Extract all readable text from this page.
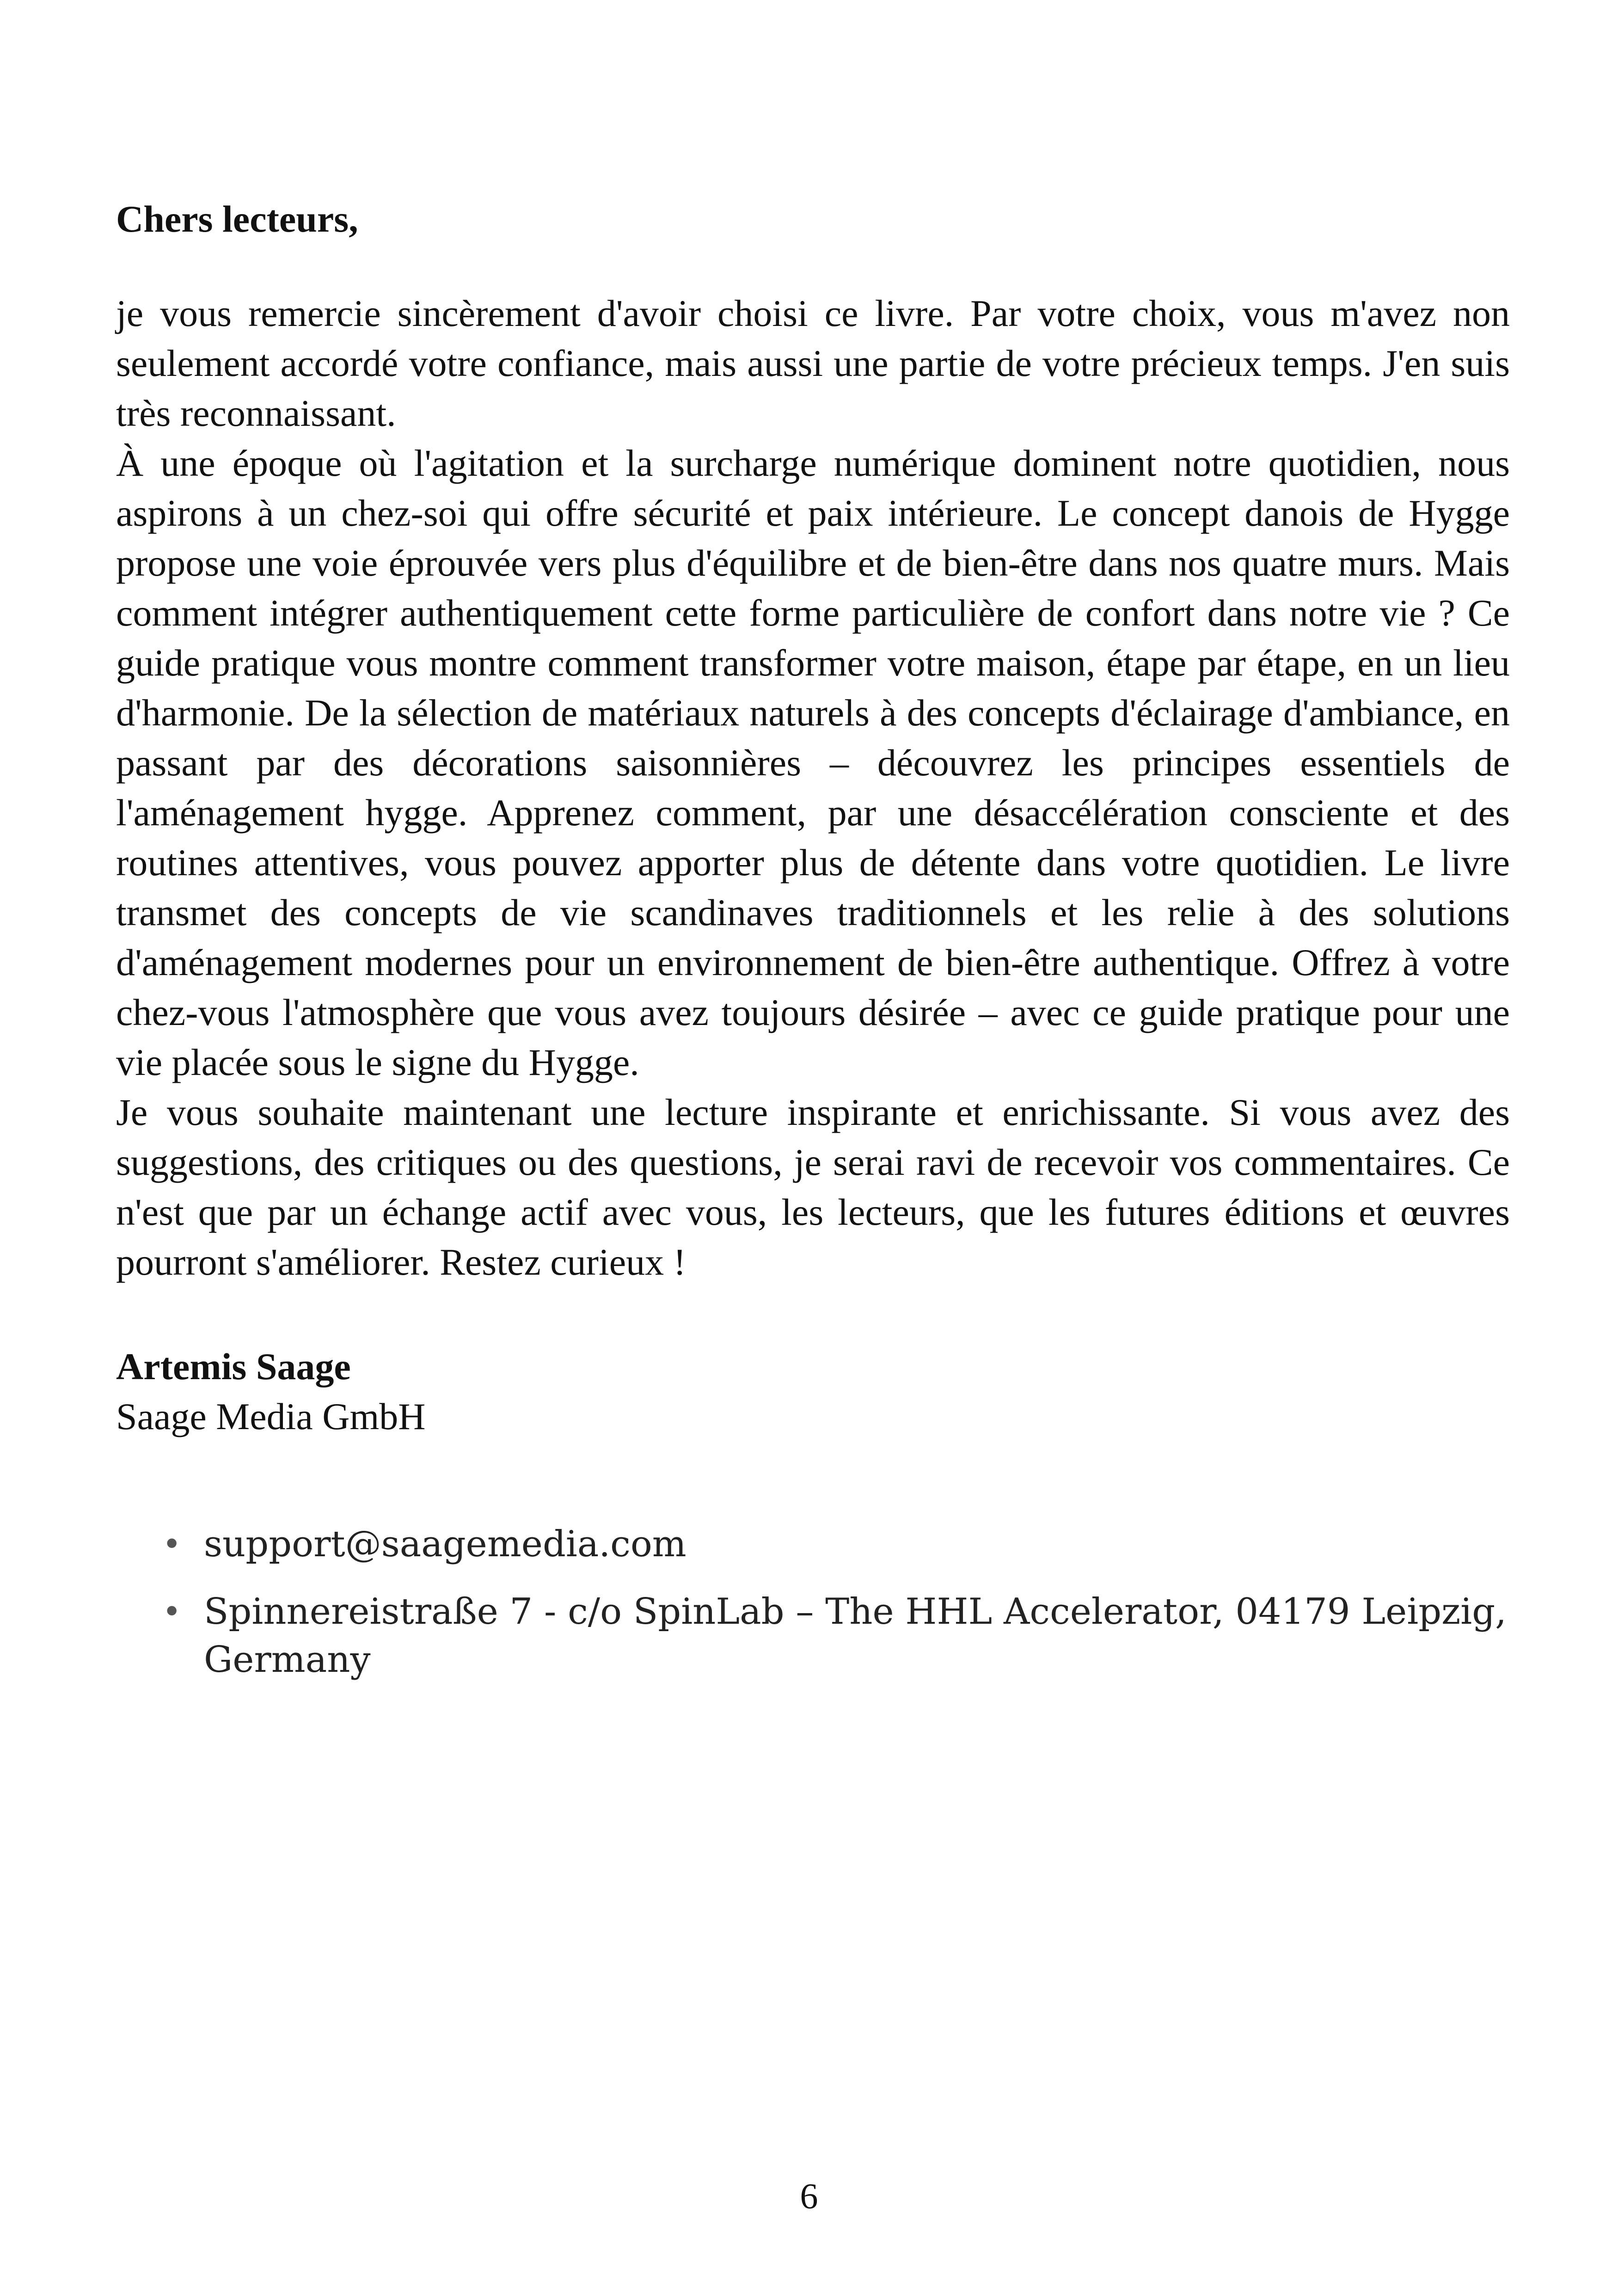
Chers lecteurs,

je vous remercie sincèrement d'avoir choisi ce livre. Par votre choix, vous m'avez non seulement accordé votre confiance, mais aussi une partie de votre précieux temps. J'en suis très reconnaissant.

À une époque où l'agitation et la surcharge numérique dominent notre quotidien, nous aspirons à un chez-soi qui offre sécurité et paix intérieure. Le concept danois de Hygge propose une voie éprouvée vers plus d'équilibre et de bien-être dans nos quatre murs. Mais comment intégrer authentiquement cette forme particulière de confort dans notre vie ? Ce guide pratique vous montre comment transformer votre maison, étape par étape, en un lieu d'harmonie. De la sélection de matériaux naturels à des concepts d'éclairage d'ambiance, en passant par des décorations saisonnières – découvrez les principes essentiels de l'aménagement hygge. Apprenez comment, par une désaccélération consciente et des routines attentives, vous pouvez apporter plus de détente dans votre quotidien. Le livre transmet des concepts de vie scandinaves traditionnels et les relie à des solutions d'aménagement modernes pour un environnement de bien-être authentique. Offrez à votre chez-vous l'atmosphère que vous avez toujours désirée – avec ce guide pratique pour une vie placée sous le signe du Hygge.

Je vous souhaite maintenant une lecture inspirante et enrichissante. Si vous avez des suggestions, des critiques ou des questions, je serai ravi de recevoir vos commentaires. Ce n'est que par un échange actif avec vous, les lecteurs, que les futures éditions et œuvres pourront s'améliorer. Restez curieux !

Artemis Saage

Saage Media GmbH

• support@saagemedia.com
• Spinnereistraße 7 - c/o SpinLab – The HHL Accelerator, 04179 Leipzig, Germany
6
